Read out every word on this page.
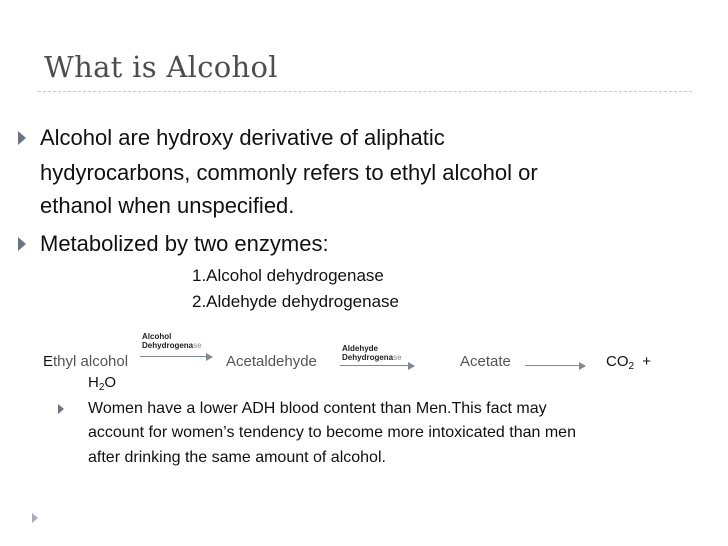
What is Alcohol
Alcohol are hydroxy derivative of aliphatic
hydyrocarbons, commonly refers to ethyl alcohol or
ethanol when unspecified.
Metabolized by two enzymes:
1.Alcohol dehydrogenase
2.Aldehyde dehydrogenase
Alcohol
Dehydrogenase	Aldehyde
Dehydrogenase
Ethyl alcohol	Acetaldehyde	Acetate	$CO_2$ +
$H_2O$
Women have a lower ADH blood content than Men.This fact may
account for women’s tendency to become more intoxicated than men
after drinking the same amount of alcohol.
